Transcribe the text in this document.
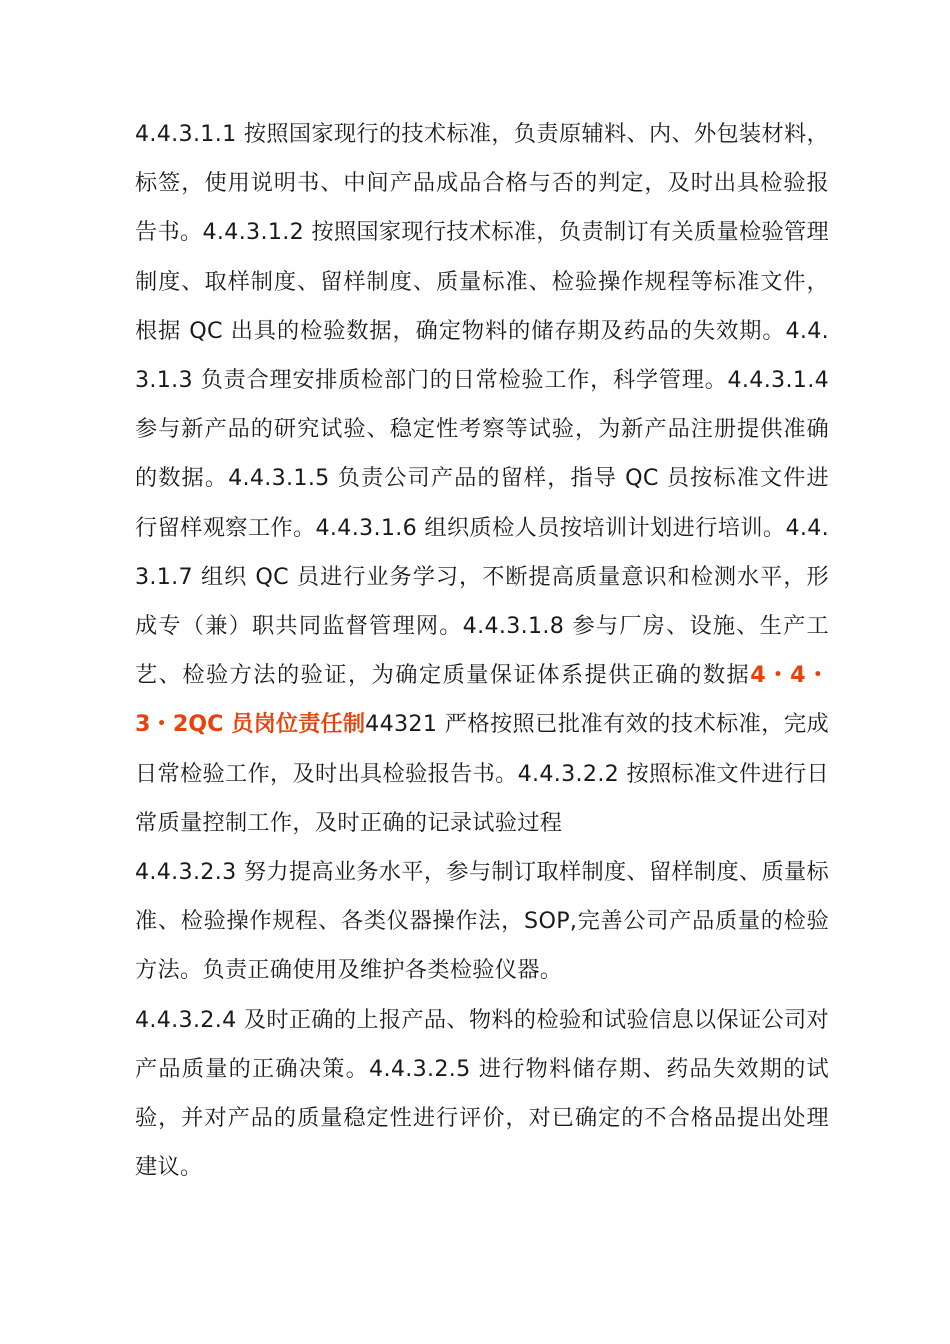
4.4.3.1.1 按照国家现行的技术标准，负责原辅料、内、外包装材料，标签，使用说明书、中间产品成品合格与否的判定，及时出具检验报告书。4.4.3.1.2 按照国家现行技术标准，负责制订有关质量检验管理制度、取样制度、留样制度、质量标准、检验操作规程等标准文件，根据 QC 出具的检验数据，确定物料的储存期及药品的失效期。4.4.3.1.3 负责合理安排质检部门的日常检验工作，科学管理。4.4.3.1.4 参与新产品的研究试验、稳定性考察等试验，为新产品注册提供准确的数据。4.4.3.1.5 负责公司产品的留样，指导 QC 员按标准文件进行留样观察工作。4.4.3.1.6 组织质检人员按培训计划进行培训。4.4.3.1.7 组织 QC 员进行业务学习，不断提高质量意识和检测水平，形成专（兼）职共同监督管理网。4.4.3.1.8 参与厂房、设施、生产工艺、检验方法的验证，为确定质量保证体系提供正确的数据4・4・3・2QC 员岗位责任制44321 严格按照已批准有效的技术标准，完成日常检验工作，及时出具检验报告书。4.4.3.2.2 按照标准文件进行日常质量控制工作，及时正确的记录试验过程

4.4.3.2.3 努力提高业务水平，参与制订取样制度、留样制度、质量标准、检验操作规程、各类仪器操作法，SOP,完善公司产品质量的检验方法。负责正确使用及维护各类检验仪器。

4.4.3.2.4 及时正确的上报产品、物料的检验和试验信息以保证公司对产品质量的正确决策。4.4.3.2.5 进行物料储存期、药品失效期的试验，并对产品的质量稳定性进行评价，对已确定的不合格品提出处理建议。
